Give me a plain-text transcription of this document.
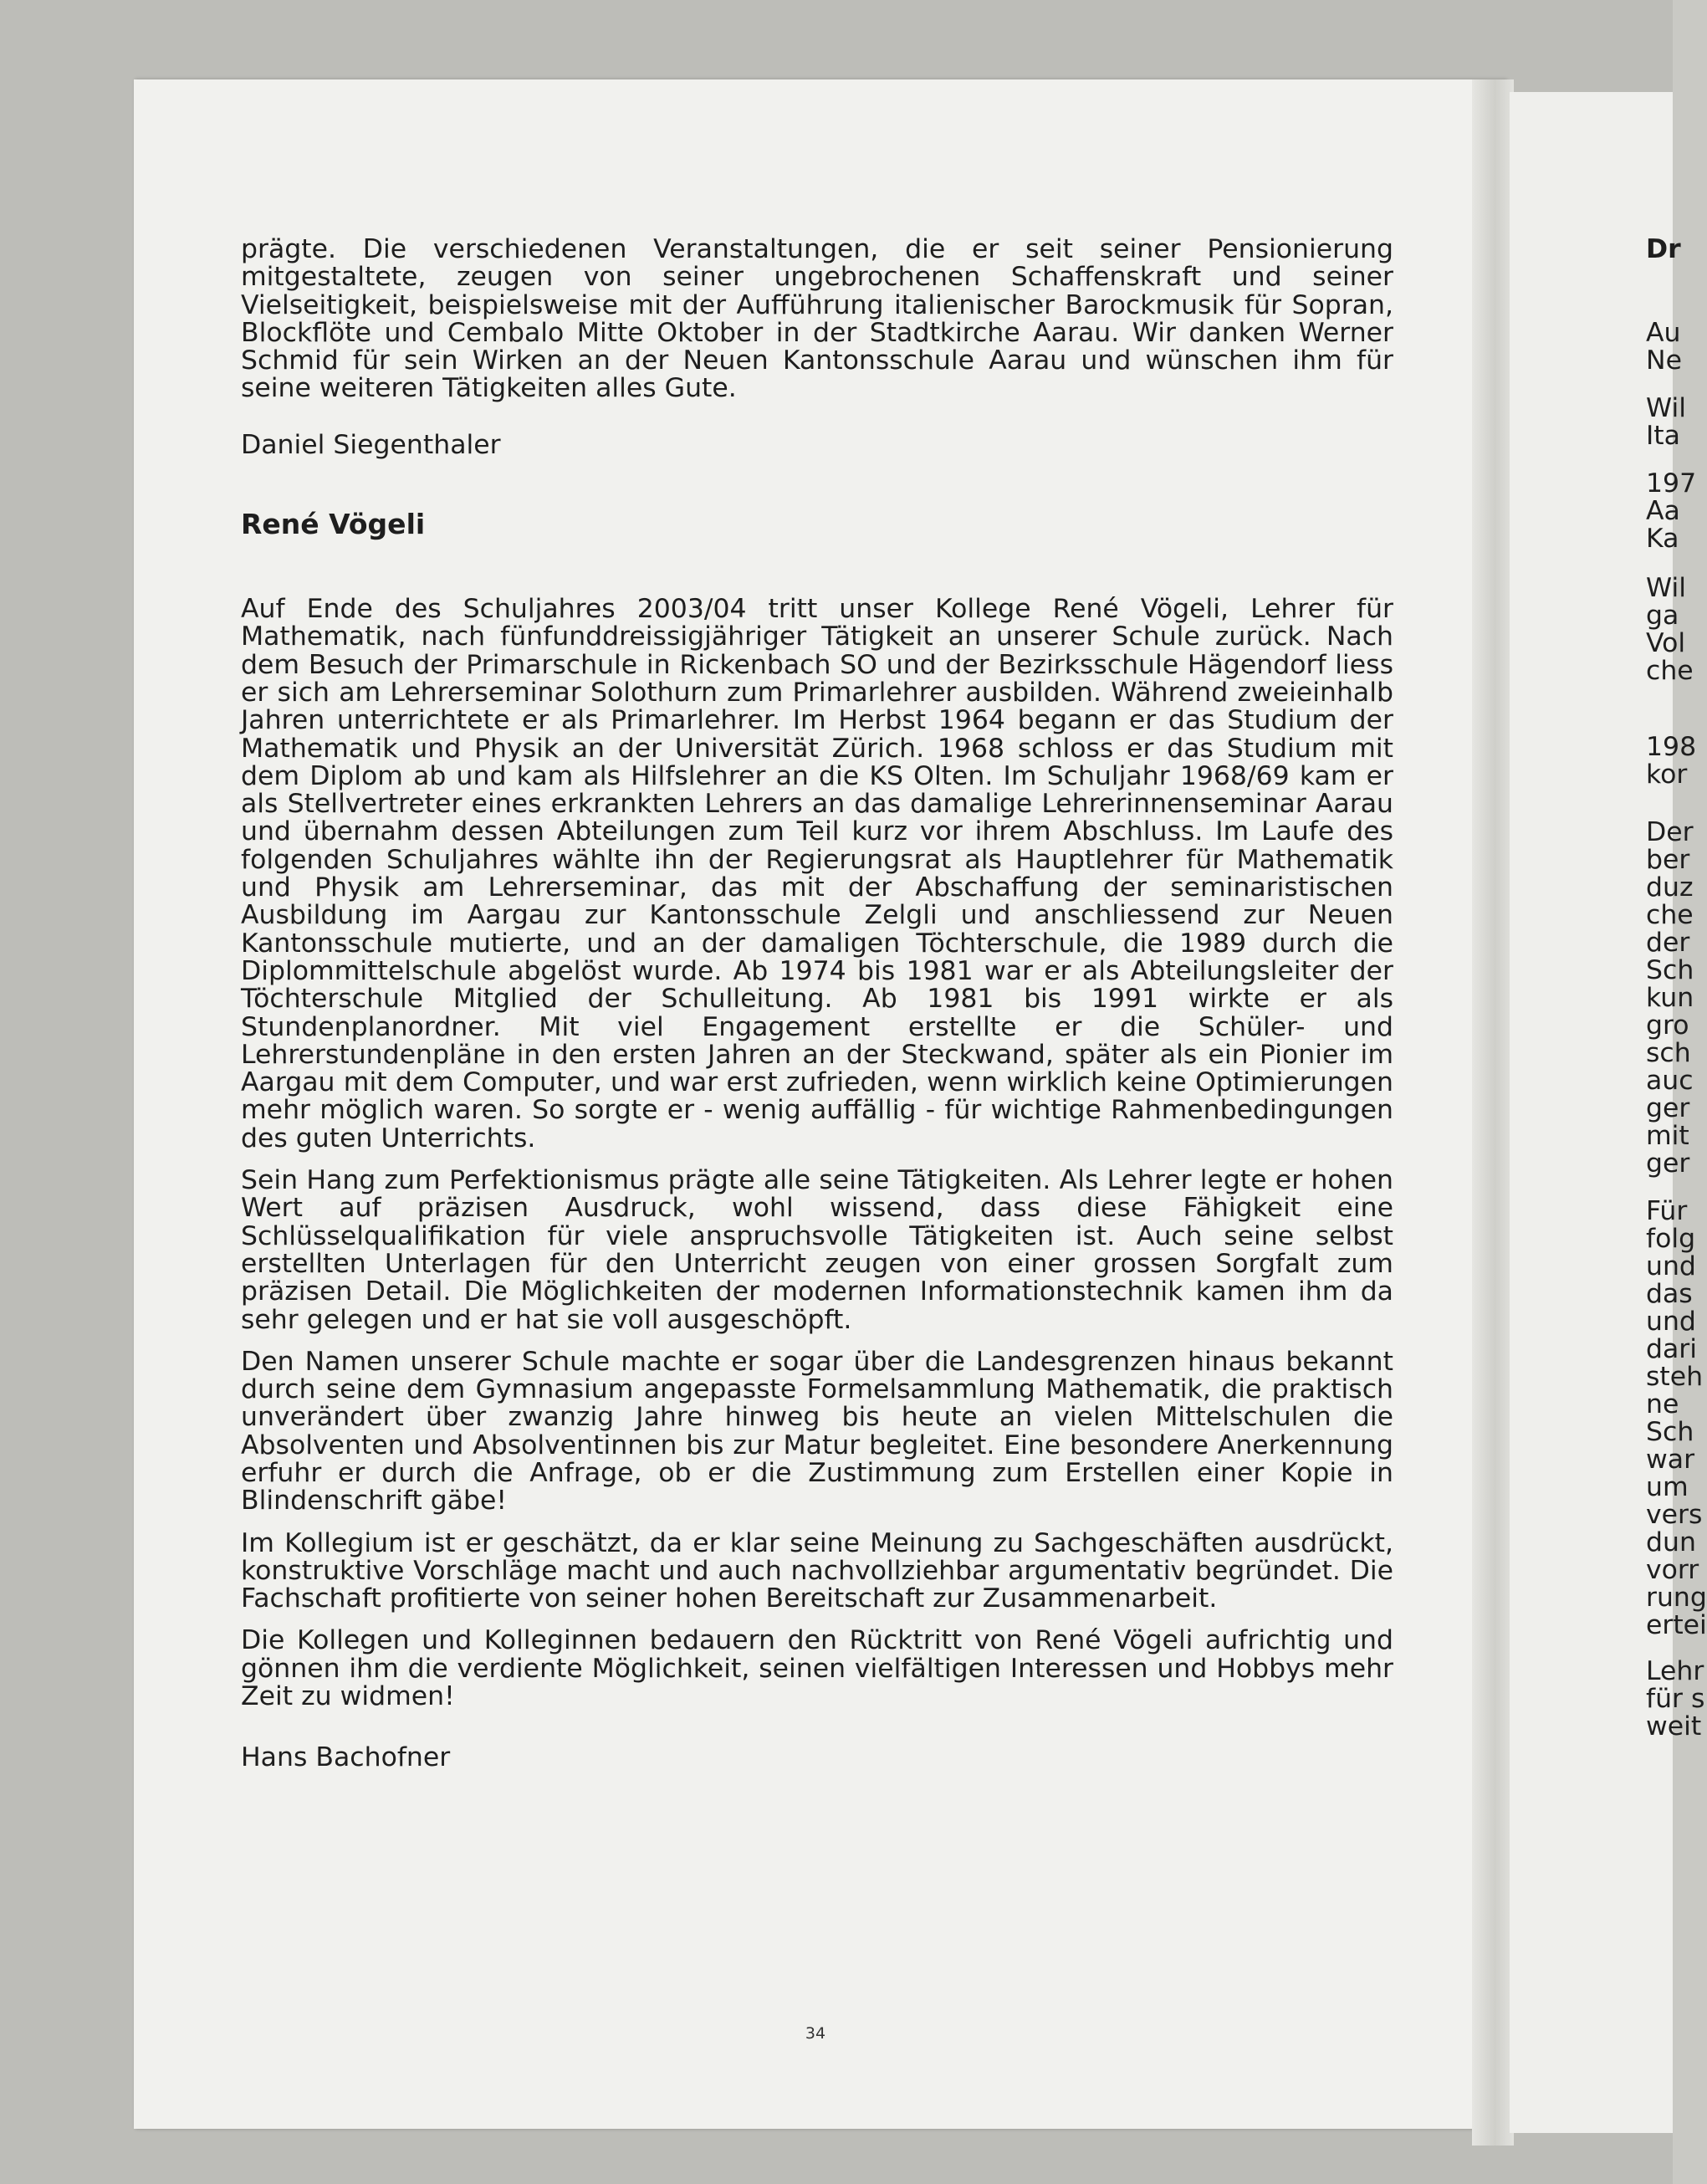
prägte. Die verschiedenen Veranstaltungen, die er seit seiner Pensionierung mitgestaltete, zeugen von seiner ungebrochenen Schaffenskraft und seiner Vielseitigkeit, beispielsweise mit der Aufführung italienischer Barockmusik für Sopran, Blockflöte und Cembalo Mitte Oktober in der Stadtkirche Aarau. Wir danken Werner Schmid für sein Wirken an der Neuen Kantonsschule Aarau und wünschen ihm für seine weiteren Tätigkeiten alles Gute.

Daniel Siegenthaler

René Vögeli

Auf Ende des Schuljahres 2003/04 tritt unser Kollege René Vögeli, Lehrer für Mathematik, nach fünfunddreissigjähriger Tätigkeit an unserer Schule zurück. Nach dem Besuch der Primarschule in Rickenbach SO und der Bezirksschule Hägendorf liess er sich am Lehrerseminar Solothurn zum Primarlehrer ausbilden. Während zweieinhalb Jahren unterrichtete er als Primarlehrer. Im Herbst 1964 begann er das Studium der Mathematik und Physik an der Universität Zürich. 1968 schloss er das Studium mit dem Diplom ab und kam als Hilfslehrer an die KS Olten. Im Schuljahr 1968/69 kam er als Stellvertreter eines erkrankten Lehrers an das damalige Lehrerinnenseminar Aarau und übernahm dessen Abteilungen zum Teil kurz vor ihrem Abschluss. Im Laufe des folgenden Schuljahres wählte ihn der Regierungsrat als Hauptlehrer für Mathematik und Physik am Lehrerseminar, das mit der Abschaffung der seminaristischen Ausbildung im Aargau zur Kantonsschule Zelgli und anschliessend zur Neuen Kantonsschule mutierte, und an der damaligen Töchterschule, die 1989 durch die Diplommittelschule abgelöst wurde. Ab 1974 bis 1981 war er als Abteilungsleiter der Töchterschule Mitglied der Schulleitung. Ab 1981 bis 1991 wirkte er als Stundenplanordner. Mit viel Engagement erstellte er die Schüler- und Lehrerstundenpläne in den ersten Jahren an der Steckwand, später als ein Pionier im Aargau mit dem Computer, und war erst zufrieden, wenn wirklich keine Optimierungen mehr möglich waren. So sorgte er - wenig auffällig - für wichtige Rahmenbedingungen des guten Unterrichts.

Sein Hang zum Perfektionismus prägte alle seine Tätigkeiten. Als Lehrer legte er hohen Wert auf präzisen Ausdruck, wohl wissend, dass diese Fähigkeit eine Schlüsselqualifikation für viele anspruchsvolle Tätigkeiten ist. Auch seine selbst erstellten Unterlagen für den Unterricht zeugen von einer grossen Sorgfalt zum präzisen Detail. Die Möglichkeiten der modernen Informationstechnik kamen ihm da sehr gelegen und er hat sie voll ausgeschöpft.

Den Namen unserer Schule machte er sogar über die Landesgrenzen hinaus bekannt durch seine dem Gymnasium angepasste Formelsammlung Mathematik, die praktisch unverändert über zwanzig Jahre hinweg bis heute an vielen Mittelschulen die Absolventen und Absolventinnen bis zur Matur begleitet. Eine besondere Anerkennung erfuhr er durch die Anfrage, ob er die Zustimmung zum Erstellen einer Kopie in Blindenschrift gäbe!

Im Kollegium ist er geschätzt, da er klar seine Meinung zu Sachgeschäften ausdrückt, konstruktive Vorschläge macht und auch nachvollziehbar argumentativ begründet. Die Fachschaft profitierte von seiner hohen Bereitschaft zur Zusammenarbeit.

Die Kollegen und Kolleginnen bedauern den Rücktritt von René Vögeli aufrichtig und gönnen ihm die verdiente Möglichkeit, seinen vielfältigen Interessen und Hobbys mehr Zeit zu widmen!

Hans Bachofner

34
Dr
Au
Ne
Wil
Ita
197
Aa
Ka
Wil
ga
Vol
che
198
kor
Der
ber
duz
che
der
Sch
kun
gro
sch
auc
ger
mit
ger
Für
folg
und
das
und
dari
steh
ne
Sch
war
um
vers
dun
vorr
rung
ertei
Lehr
für s
weit
